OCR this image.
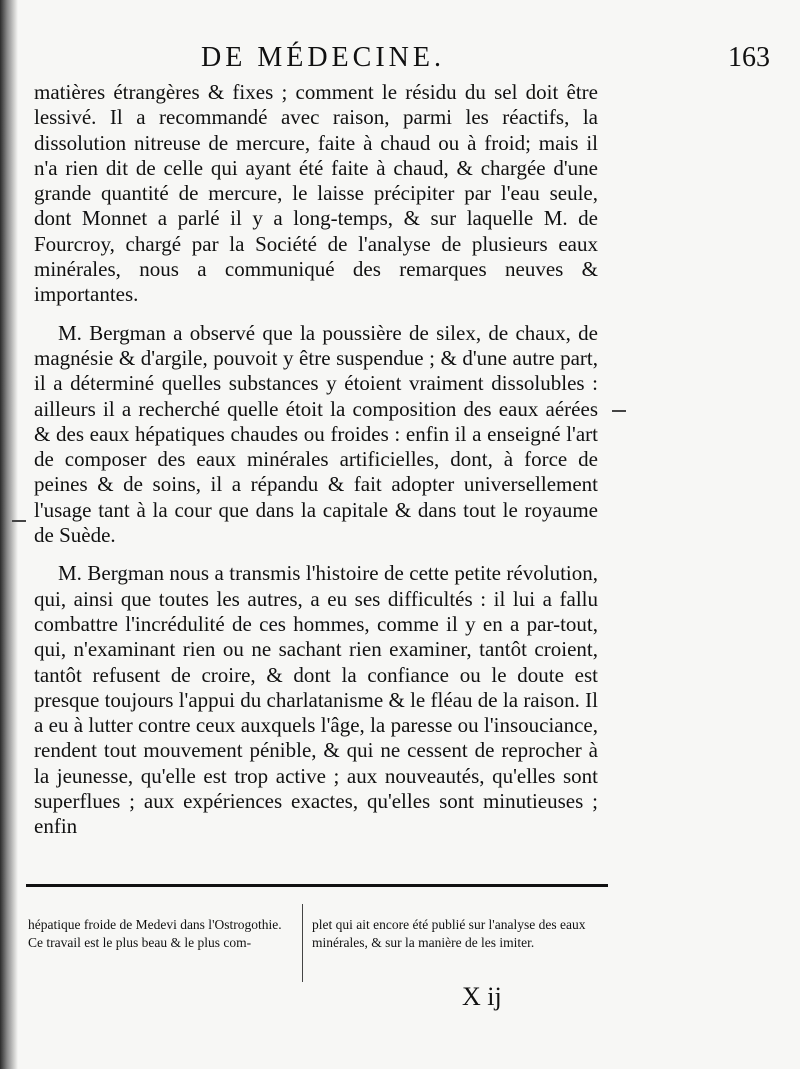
DE MÉDECINE.	163

matières étrangères & fixes ; comment le résidu du sel doit être lessivé. Il a recommandé avec raison, parmi les réactifs, la dissolution nitreuse de mercure, faite à chaud ou à froid; mais il n'a rien dit de celle qui ayant été faite à chaud, & chargée d'une grande quantité de mercure, le laisse précipiter par l'eau seule, dont Monnet a parlé il y a long-temps, & sur laquelle M. de Fourcroy, chargé par la Société de l'analyse de plusieurs eaux minérales, nous a communiqué des remarques neuves & importantes.

M. Bergman a observé que la poussière de silex, de chaux, de magnésie & d'argile, pouvoit y être suspendue ; & d'une autre part, il a déterminé quelles substances y étoient vraiment dissolubles : ailleurs il a recherché quelle étoit la composition des eaux aérées & des eaux hépatiques chaudes ou froides : enfin il a enseigné l'art de composer des eaux minérales artificielles, dont, à force de peines & de soins, il a répandu & fait adopter universellement l'usage tant à la cour que dans la capitale & dans tout le royaume de Suède.

M. Bergman nous a transmis l'histoire de cette petite révolution, qui, ainsi que toutes les autres, a eu ses difficultés : il lui a fallu combattre l'incrédulité de ces hommes, comme il y en a par-tout, qui, n'examinant rien ou ne sachant rien examiner, tantôt croient, tantôt refusent de croire, & dont la confiance ou le doute est presque toujours l'appui du charlatanisme & le fléau de la raison. Il a eu à lutter contre ceux auxquels l'âge, la paresse ou l'insouciance, rendent tout mouvement pénible, & qui ne cessent de reprocher à la jeunesse, qu'elle est trop active ; aux nouveautés, qu'elles sont superflues ; aux expériences exactes, qu'elles sont minutieuses ; enfin

hépatique froide de Medevi dans l'Ostrogothie. Ce travail est le plus beau & le plus com-
plet qui ait encore été publié sur l'analyse des eaux minérales, & sur la manière de les imiter.
X ij
